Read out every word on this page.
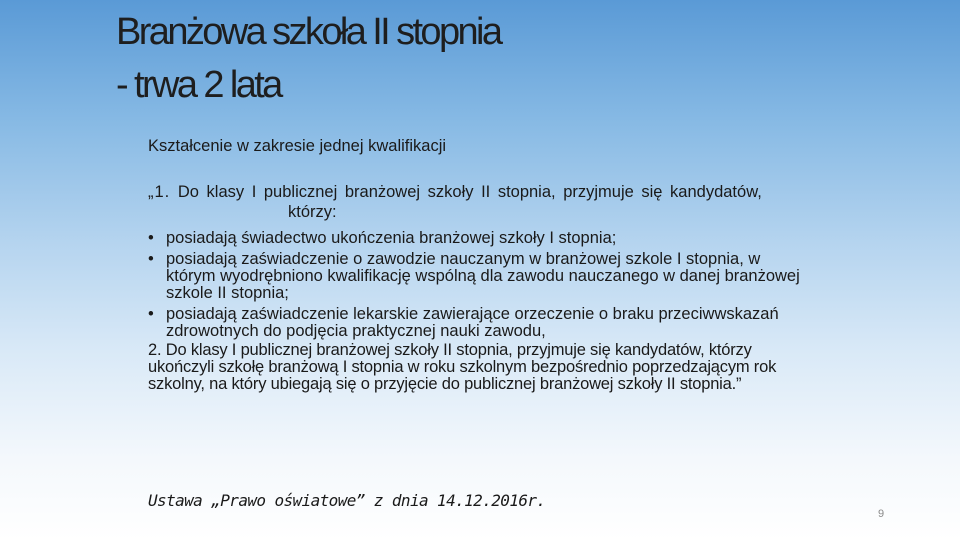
Branżowa szkoła II stopnia
- trwa 2 lata

Kształcenie w zakresie jednej kwalifikacji

„1. Do klasy I publicznej branżowej szkoły II stopnia, przyjmuje się kandydatów, którzy:

• posiadają świadectwo ukończenia branżowej szkoły I stopnia;
• posiadają zaświadczenie o zawodzie nauczanym w branżowej szkole I stopnia, w którym wyodrębniono kwalifikację wspólną dla zawodu nauczanego w danej branżowej szkole II stopnia;
• posiadają zaświadczenie lekarskie zawierające orzeczenie o braku przeciwwskazań zdrowotnych do podjęcia praktycznej nauki zawodu,

2. Do klasy I publicznej branżowej szkoły II stopnia, przyjmuje się kandydatów, którzy ukończyli szkołę branżową I stopnia w roku szkolnym bezpośrednio poprzedzającym rok szkolny, na który ubiegają się o przyjęcie do publicznej branżowej szkoły II stopnia.”

Ustawa „Prawo oświatowe” z dnia 14.12.2016r.

9
